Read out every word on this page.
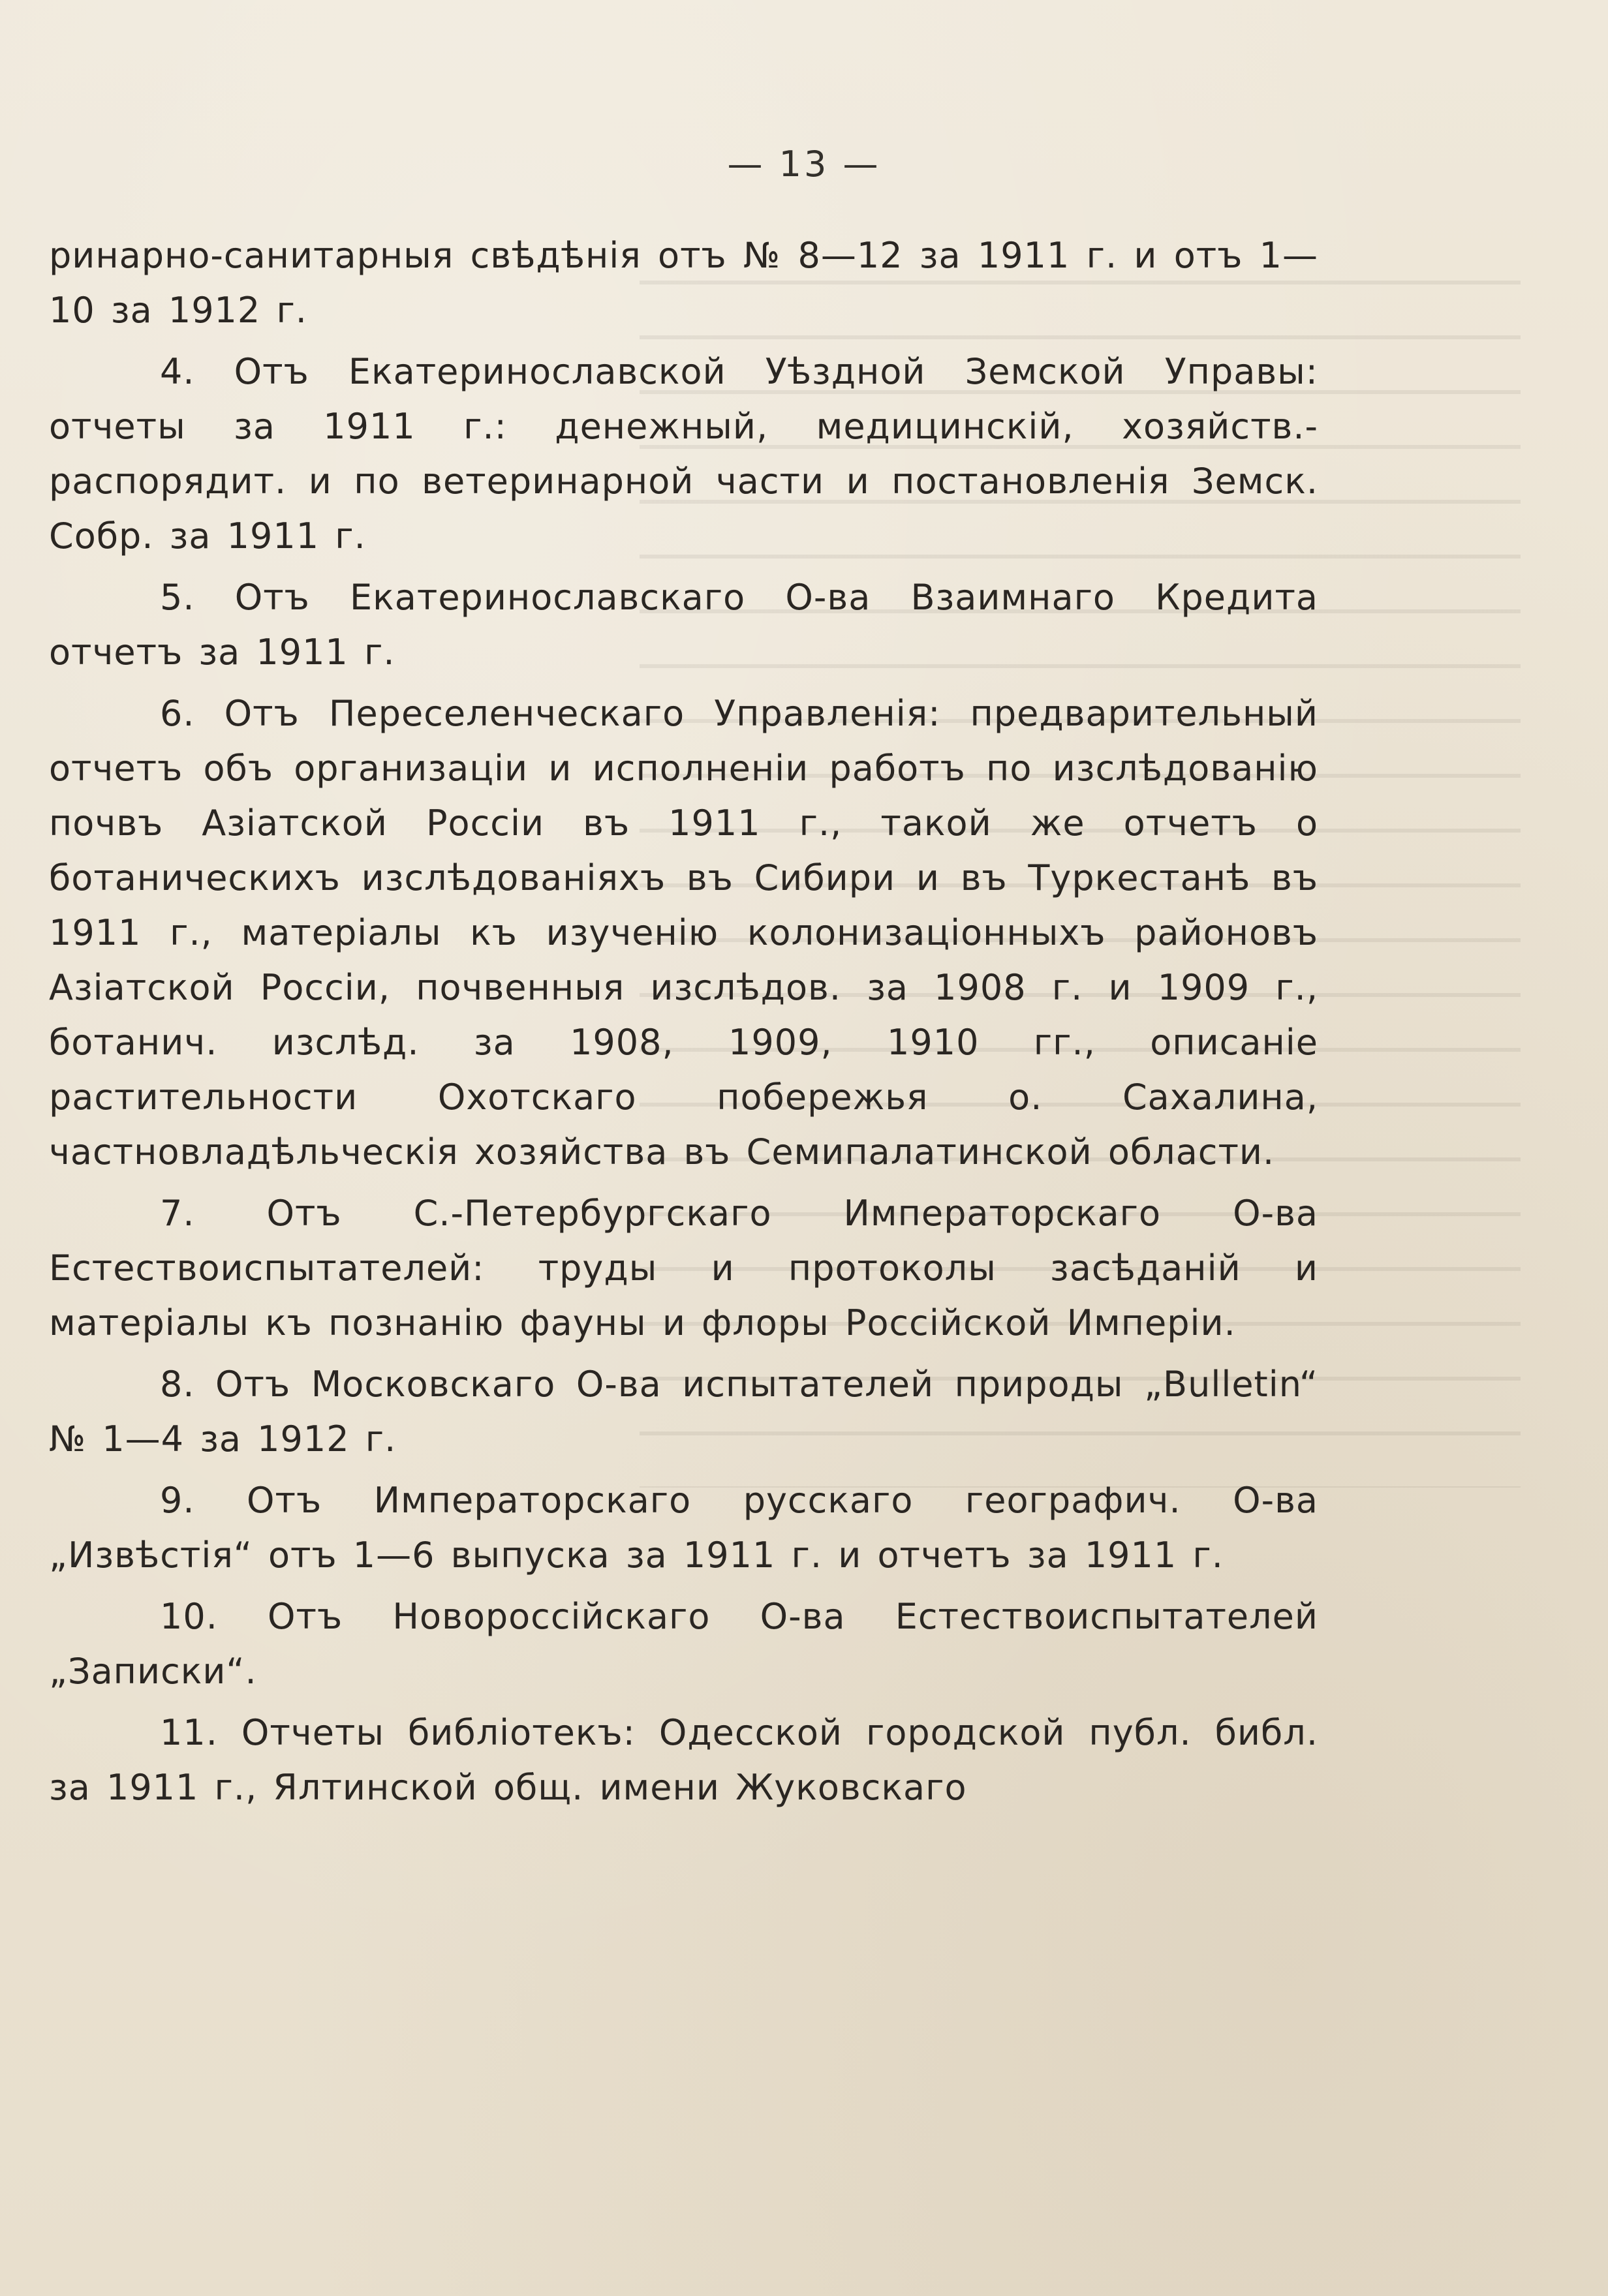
— 13 —

ринарно-санитарныя свѣдѣнія отъ № 8—12 за 1911 г. и отъ 1—10 за 1912 г.

4. Отъ Екатеринославской Уѣздной Земской Управы: отчеты за 1911 г.: денежный, медицинскій, хозяйств.-распорядит. и по ветеринарной части и постановленія Земск. Собр. за 1911 г.

5. Отъ Екатеринославскаго О-ва Взаимнаго Кредита отчетъ за 1911 г.

6. Отъ Переселенческаго Управленія: предварительный отчетъ объ организаціи и исполненіи работъ по изслѣдованію почвъ Азіатской Россіи въ 1911 г., такой же отчетъ о ботаническихъ изслѣдованіяхъ въ Сибири и въ Туркестанѣ въ 1911 г., матеріалы къ изученію колонизаціонныхъ районовъ Азіатской Россіи, почвенныя изслѣдов. за 1908 г. и 1909 г., ботанич. изслѣд. за 1908, 1909, 1910 гг., описаніе растительности Охотскаго побережья о. Сахалина, частновладѣльческія хозяйства въ Семипалатинской области.

7. Отъ С.-Петербургскаго Императорскаго О-ва Естествоиспытателей: труды и протоколы засѣданій и матеріалы къ познанію фауны и флоры Россійской Имперіи.

8. Отъ Московскаго О-ва испытателей природы „Bulletin“ № 1—4 за 1912 г.

9. Отъ Императорскаго русскаго географич. О-ва „Извѣстія“ отъ 1—6 выпуска за 1911 г. и отчетъ за 1911 г.

10. Отъ Новороссійскаго О-ва Естествоиспытателей „Записки“.

11. Отчеты библіотекъ: Одесской городской публ. библ. за 1911 г., Ялтинской общ. имени Жуковскаго
